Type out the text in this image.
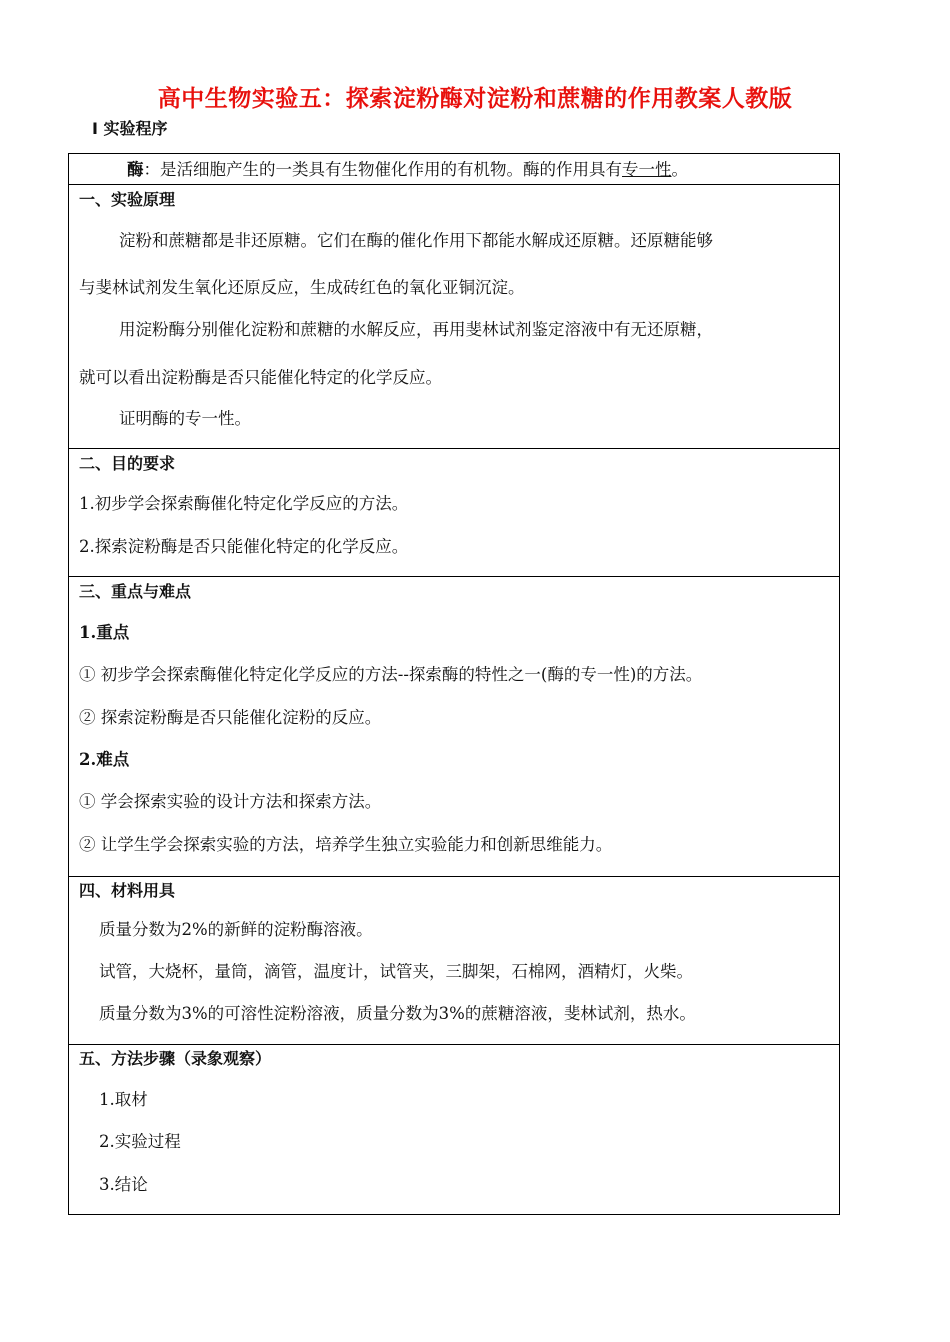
高中生物实验五：探索淀粉酶对淀粉和蔗糖的作用教案人教版
Ⅰ 实验程序
酶：是活细胞产生的一类具有生物催化作用的有机物。酶的作用具有专一性。
一、实验原理
淀粉和蔗糖都是非还原糖。它们在酶的催化作用下都能水解成还原糖。还原糖能够
与斐林试剂发生氧化还原反应，生成砖红色的氧化亚铜沉淀。
用淀粉酶分别催化淀粉和蔗糖的水解反应，再用斐林试剂鉴定溶液中有无还原糖，
就可以看出淀粉酶是否只能催化特定的化学反应。
证明酶的专一性。
二、目的要求
1.初步学会探索酶催化特定化学反应的方法。
2.探索淀粉酶是否只能催化特定的化学反应。
三、重点与难点
1.重点
① 初步学会探索酶催化特定化学反应的方法--探索酶的特性之一(酶的专一性)的方法。
② 探索淀粉酶是否只能催化淀粉的反应。
2.难点
① 学会探索实验的设计方法和探索方法。
② 让学生学会探索实验的方法，培养学生独立实验能力和创新思维能力。
四、材料用具
质量分数为2%的新鲜的淀粉酶溶液。
试管，大烧杯，量筒，滴管，温度计，试管夹，三脚架，石棉网，酒精灯，火柴。
质量分数为3%的可溶性淀粉溶液，质量分数为3%的蔗糖溶液，斐林试剂，热水。
五、方法步骤（录象观察）
1.取材
2.实验过程
3.结论
